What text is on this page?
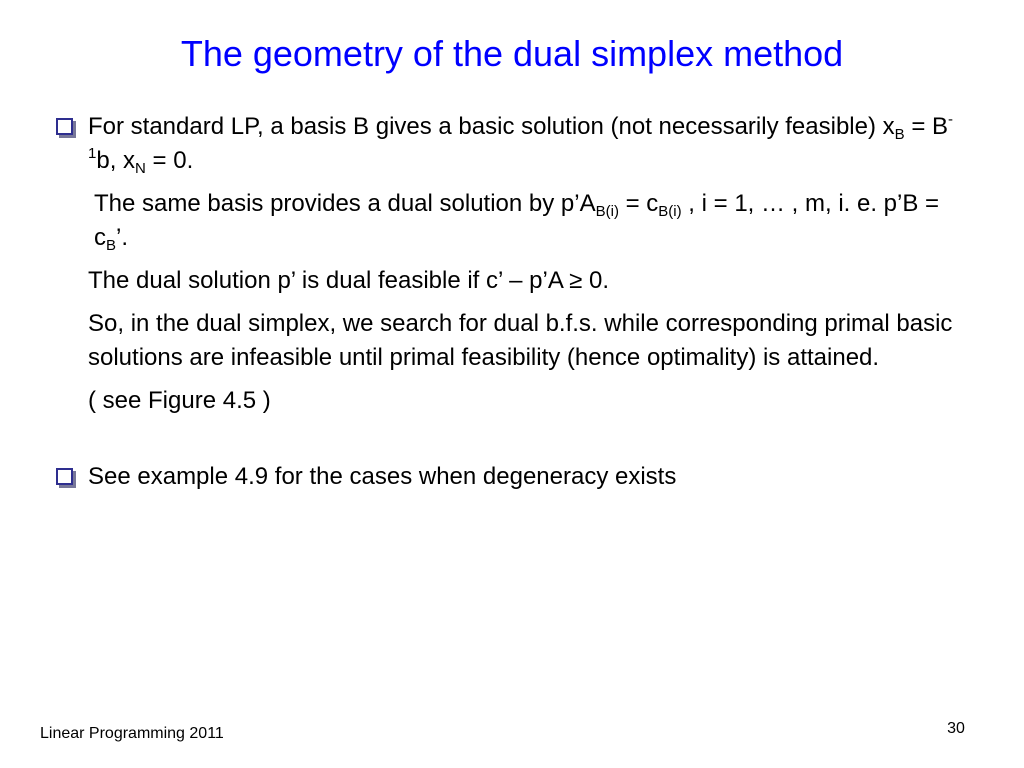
The geometry of the dual simplex method
For standard LP, a basis B gives a basic solution (not necessarily feasible) $x_B = B^{-1}b$, $x_N = 0$.
The same basis provides a dual solution by $p’A_{B(i)} = c_{B(i)}$ , i = 1, … , m, i. e. p’B = $c_B$’.
The dual solution p’ is dual feasible if c’ – p’A ≥ 0.
So, in the dual simplex, we search for dual b.f.s. while corresponding primal basic solutions are infeasible until primal feasibility (hence optimality) is attained.
( see Figure 4.5 )
See example 4.9 for the cases when degeneracy exists
Linear Programming 2011	30
